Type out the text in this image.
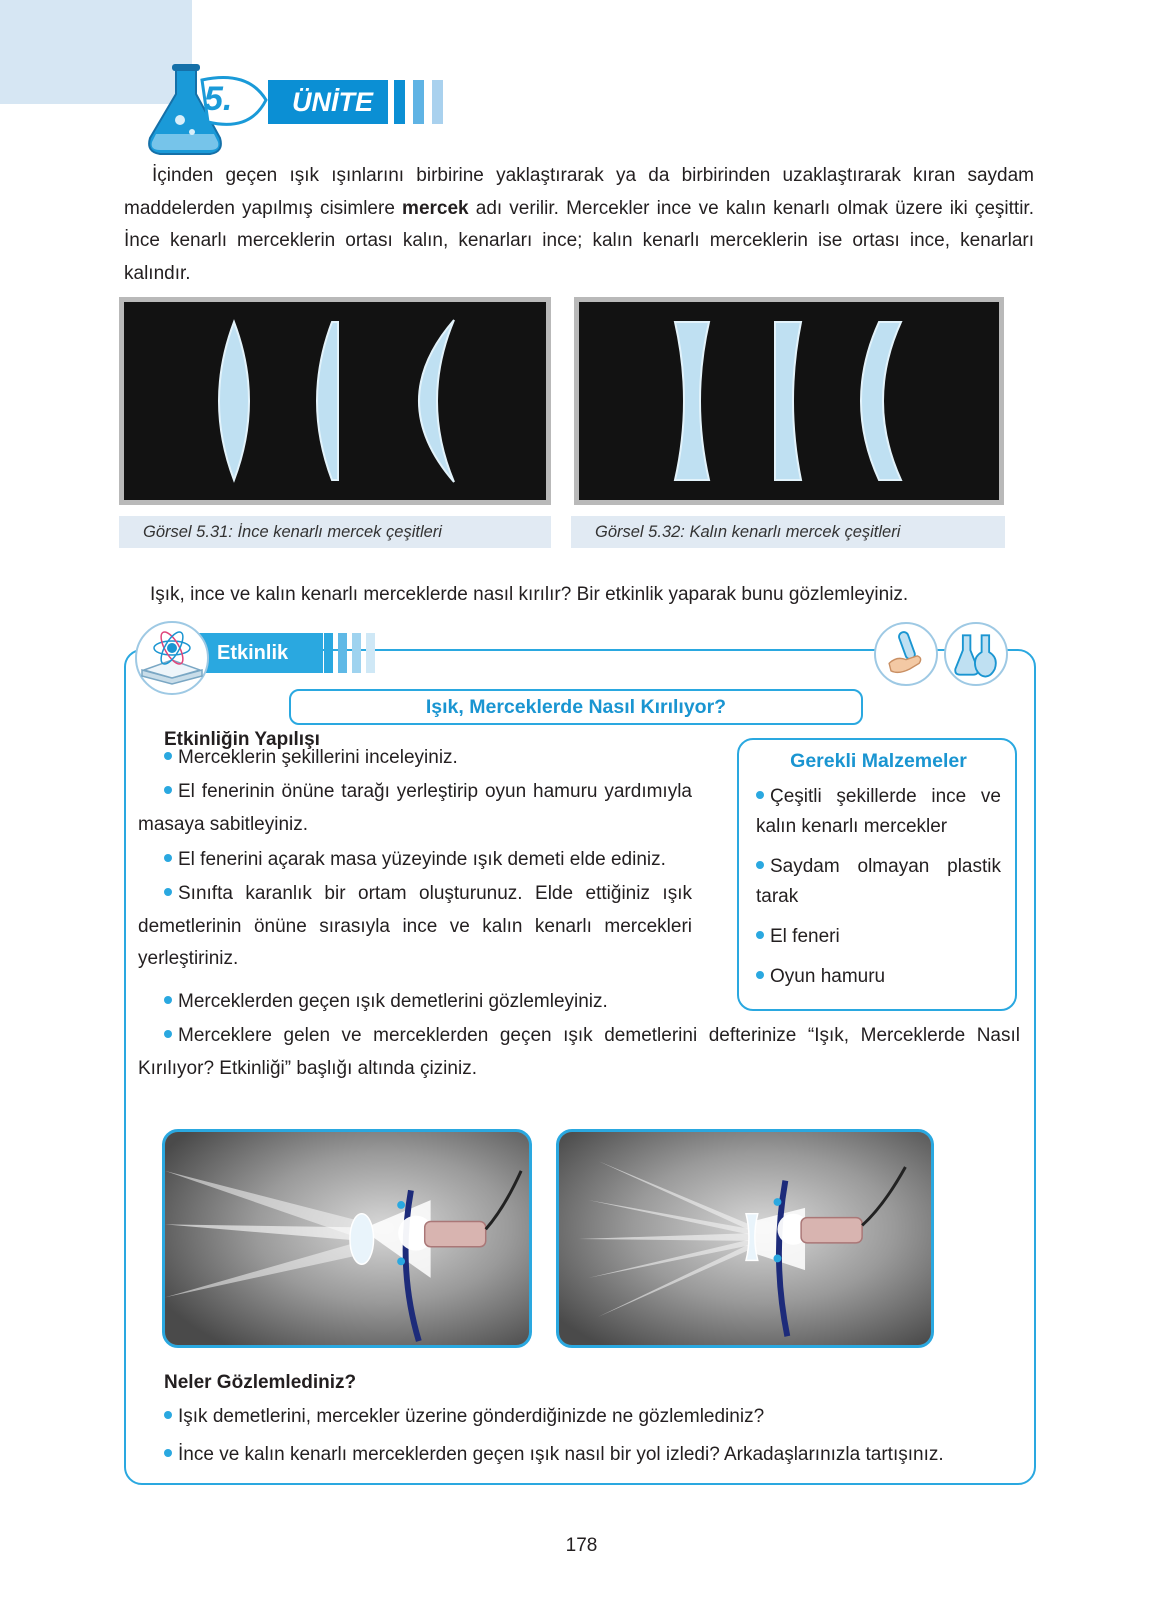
5.	ÜNİTE

İçinden geçen ışık ışınlarını birbirine yaklaştırarak ya da birbirinden uzaklaştırarak kıran saydam maddelerden yapılmış cisimlere mercek adı verilir. Mercekler ince ve kalın kenarlı olmak üzere iki çeşittir. İnce kenarlı merceklerin ortası kalın, kenarları ince; kalın kenarlı merceklerin ise ortası ince, kenarları kalındır.

Görsel 5.31: İnce kenarlı mercek çeşitleri	Görsel 5.32: Kalın kenarlı mercek çeşitleri

Işık, ince ve kalın kenarlı merceklerde nasıl kırılır? Bir etkinlik yaparak bunu gözlemleyiniz.

Etkinlik
Işık, Merceklerde Nasıl Kırılıyor?
Etkinliğin Yapılışı

Merceklerin şekillerini inceleyiniz.

El fenerinin önüne tarağı yerleştirip oyun hamuru yardımıyla masaya sabitleyiniz.

El fenerini açarak masa yüzeyinde ışık demeti elde ediniz.

Sınıfta karanlık bir ortam oluşturunuz. Elde ettiğiniz ışık demetlerinin önüne sırasıyla ince ve kalın kenarlı mercekleri yerleştiriniz.

Merceklerden geçen ışık demetlerini gözlemleyiniz.

Merceklere gelen ve merceklerden geçen ışık demetlerini defterinize “Işık, Merceklerde Nasıl Kırılıyor? Etkinliği” başlığı altında çiziniz.

Gerekli Malzemeler
Çeşitli şekillerde ince ve kalın kenarlı mercekler
Saydam olmayan plastik tarak
El feneri
Oyun hamuru
Neler Gözlemlediniz?

Işık demetlerini, mercekler üzerine gönderdiğinizde ne gözlemlediniz?

İnce ve kalın kenarlı merceklerden geçen ışık nasıl bir yol izledi? Arkadaşlarınızla tartışınız.

178
